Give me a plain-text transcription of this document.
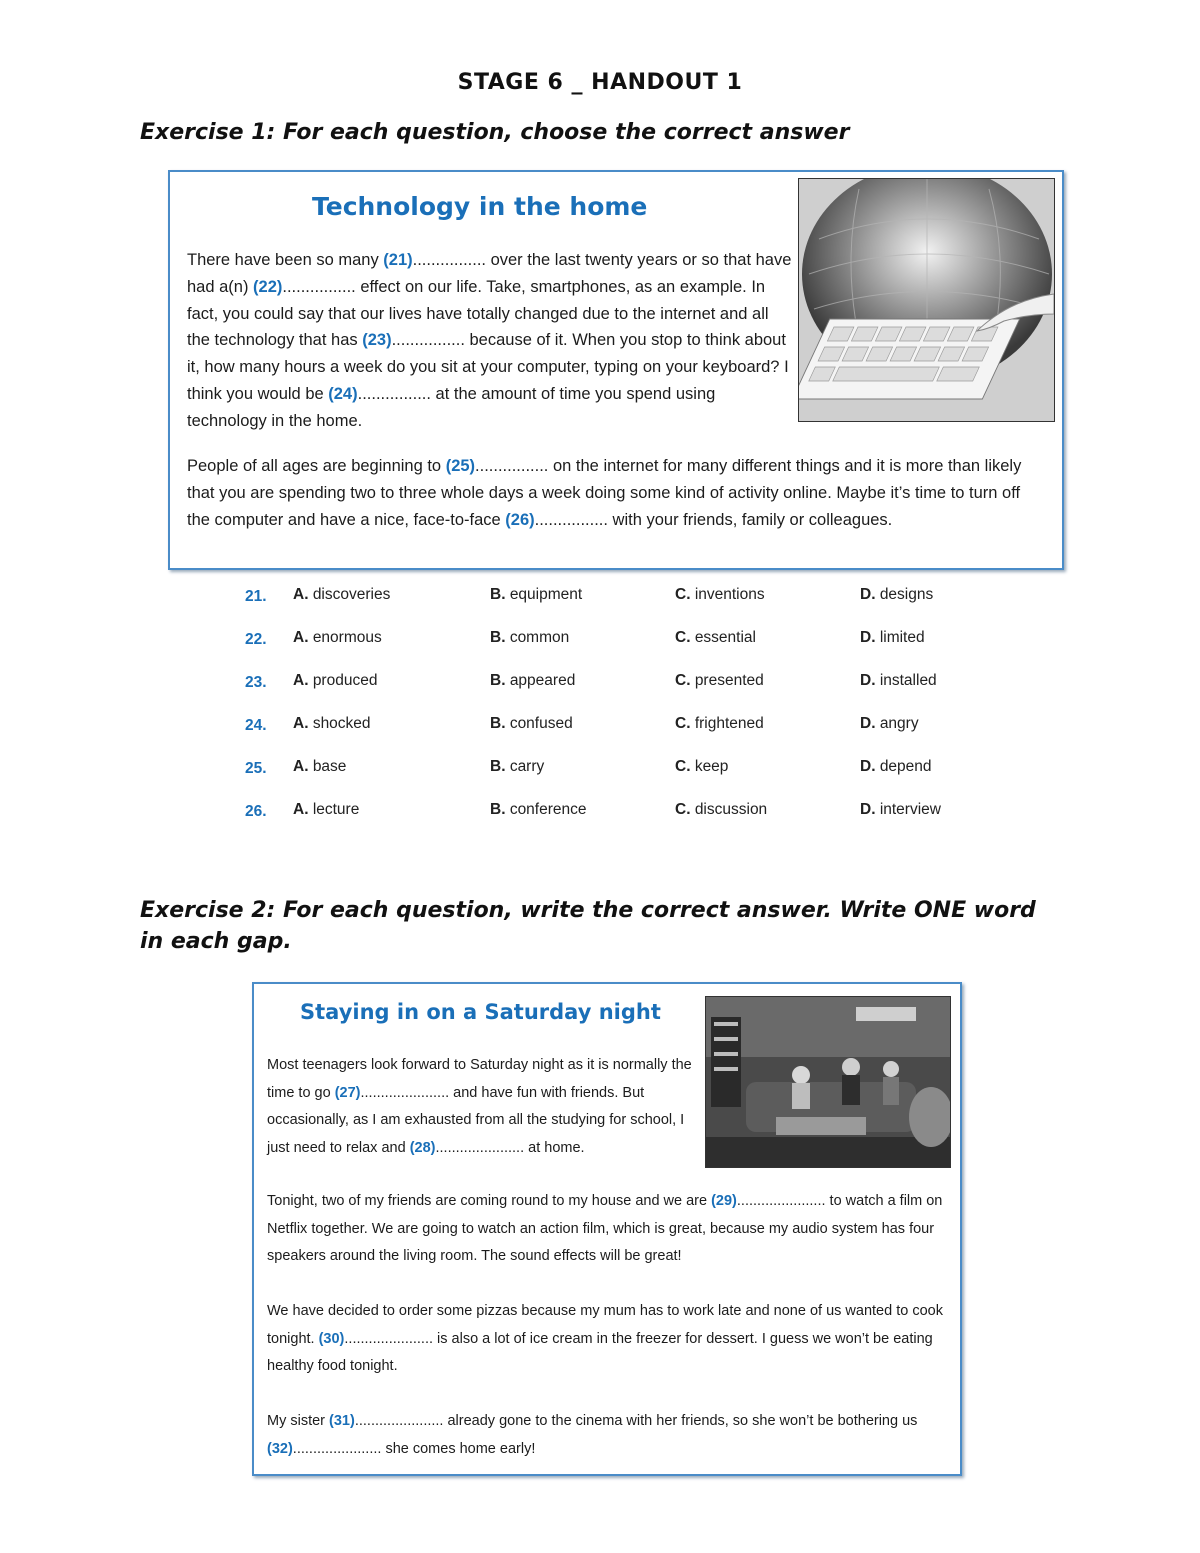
STAGE 6 _ HANDOUT 1
Exercise 1: For each question, choose the correct answer
Technology in the home

There have been so many (21)................ over the last twenty years or so that have had a(n) (22)................ effect on our life. Take, smartphones, as an example. In fact, you could say that our lives have totally changed due to the internet and all the technology that has (23)................ because of it. When you stop to think about it, how many hours a week do you sit at your computer, typing on your keyboard? I think you would be (24)................ at the amount of time you spend using technology in the home.

People of all ages are beginning to (25)................ on the internet for many different things and it is more than likely that you are spending two to three whole days a week doing some kind of activity online. Maybe it’s time to turn off the computer and have a nice, face-to-face (26)................ with your friends, family or colleagues.

21. A. discoveries	B. equipment	C. inventions	D. designs
22. A. enormous	B. common	C. essential	D. limited
23. A. produced	B. appeared	C. presented	D. installed
24. A. shocked	B. confused	C. frightened	D. angry
25. A. base	B. carry	C. keep	D. depend
26. A. lecture	B. conference	C. discussion	D. interview
Exercise 2: For each question, write the correct answer. Write ONE word in each gap.
Staying in on a Saturday night

Most teenagers look forward to Saturday night as it is normally the time to go (27)...................... and have fun with friends. But occasionally, as I am exhausted from all the studying for school, I just need to relax and (28)...................... at home.

Tonight, two of my friends are coming round to my house and we are (29)...................... to watch a film on Netflix together. We are going to watch an action film, which is great, because my audio system has four speakers around the living room. The sound effects will be great!

We have decided to order some pizzas because my mum has to work late and none of us wanted to cook tonight. (30)...................... is also a lot of ice cream in the freezer for dessert. I guess we won’t be eating healthy food tonight.

My sister (31)...................... already gone to the cinema with her friends, so she won’t be bothering us (32)...................... she comes home early!
